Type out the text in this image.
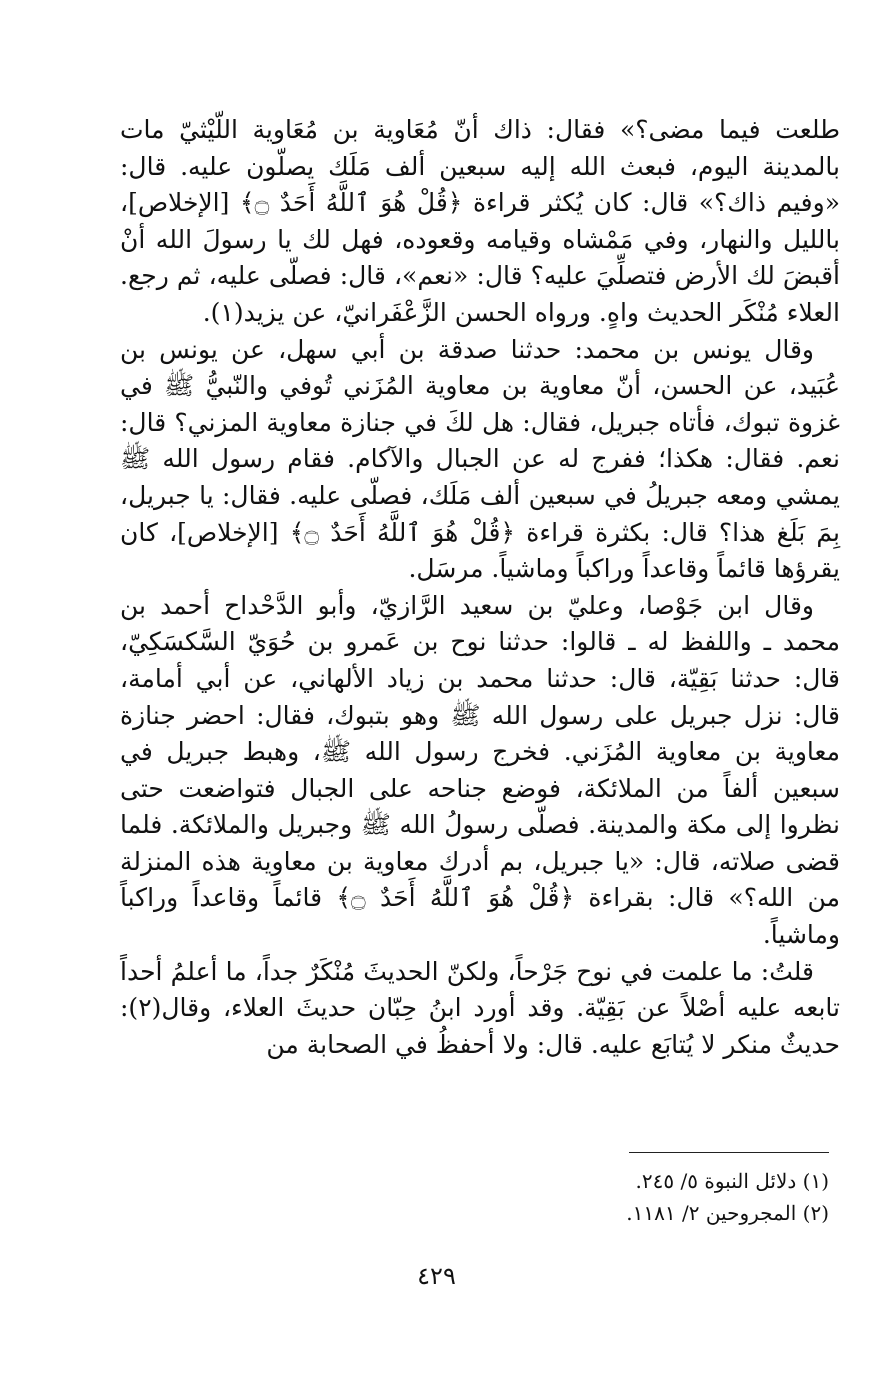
طلعت فيما مضى؟» فقال: ذاك أنّ مُعَاوية بن مُعَاوية اللّيْثيّ مات بالمدينة اليوم، فبعث الله إليه سبعين ألف مَلَك يصلّون عليه. قال: «وفيم ذاك؟» قال: كان يُكثر قراءة ﴿قُلْ هُوَ ٱللَّهُ أَحَدٌ ۝﴾ [الإخلاص]، بالليل والنهار، وفي مَمْشاه وقيامه وقعوده، فهل لك يا رسولَ الله أنْ أقبضَ لك الأرض فتصلِّيَ عليه؟ قال: «نعم»، قال: فصلّى عليه، ثم رجع. العلاء مُنْكَر الحديث واهٍ. ورواه الحسن الزَّعْفَرانيّ، عن يزيد(١).

وقال يونس بن محمد: حدثنا صدقة بن أبي سهل، عن يونس بن عُبَيد، عن الحسن، أنّ معاوية بن معاوية المُزَني تُوفي والنّبيُّ ﷺ في غزوة تبوك، فأتاه جبريل، فقال: هل لكَ في جنازة معاوية المزني؟ قال: نعم. فقال: هكذا؛ ففرج له عن الجبال والآكام. فقام رسول الله ﷺ يمشي ومعه جبريلُ في سبعين ألف مَلَك، فصلّى عليه. فقال: يا جبريل، بِمَ بَلَغ هذا؟ قال: بكثرة قراءة ﴿قُلْ هُوَ ٱللَّهُ أَحَدٌ ۝﴾ [الإخلاص]، كان يقرؤها قائماً وقاعداً وراكباً وماشياً. مرسَل.

وقال ابن جَوْصا، وعليّ بن سعيد الرَّازيّ، وأبو الدَّحْداح أحمد بن محمد ـ واللفظ له ـ قالوا: حدثنا نوح بن عَمرو بن حُوَيّ السَّكسَكِيّ، قال: حدثنا بَقِيّة، قال: حدثنا محمد بن زياد الألهاني، عن أبي أمامة، قال: نزل جبريل على رسول الله ﷺ وهو بتبوك، فقال: احضر جنازة معاوية بن معاوية المُزَني. فخرج رسول الله ﷺ، وهبط جبريل في سبعين ألفاً من الملائكة، فوضع جناحه على الجبال فتواضعت حتى نظروا إلى مكة والمدينة. فصلّى رسولُ الله ﷺ وجبريل والملائكة. فلما قضى صلاته، قال: «يا جبريل، بم أدرك معاوية بن معاوية هذه المنزلة من الله؟» قال: بقراءة ﴿قُلْ هُوَ ٱللَّهُ أَحَدٌ ۝﴾ قائماً وقاعداً وراكباً وماشياً.

قلتُ: ما علمت في نوح جَرْحاً، ولكنّ الحديثَ مُنْكَرٌ جداً، ما أعلمُ أحداً تابعه عليه أصْلاً عن بَقِيّة. وقد أورد ابنُ حِبّان حديثَ العلاء، وقال(٢): حديثٌ منكر لا يُتابَع عليه. قال: ولا أحفظُ في الصحابة من

(١) دلائل النبوة ٥/ ٢٤٥.

(٢) المجروحين ٢/ ١١٨١.

٤٢٩
